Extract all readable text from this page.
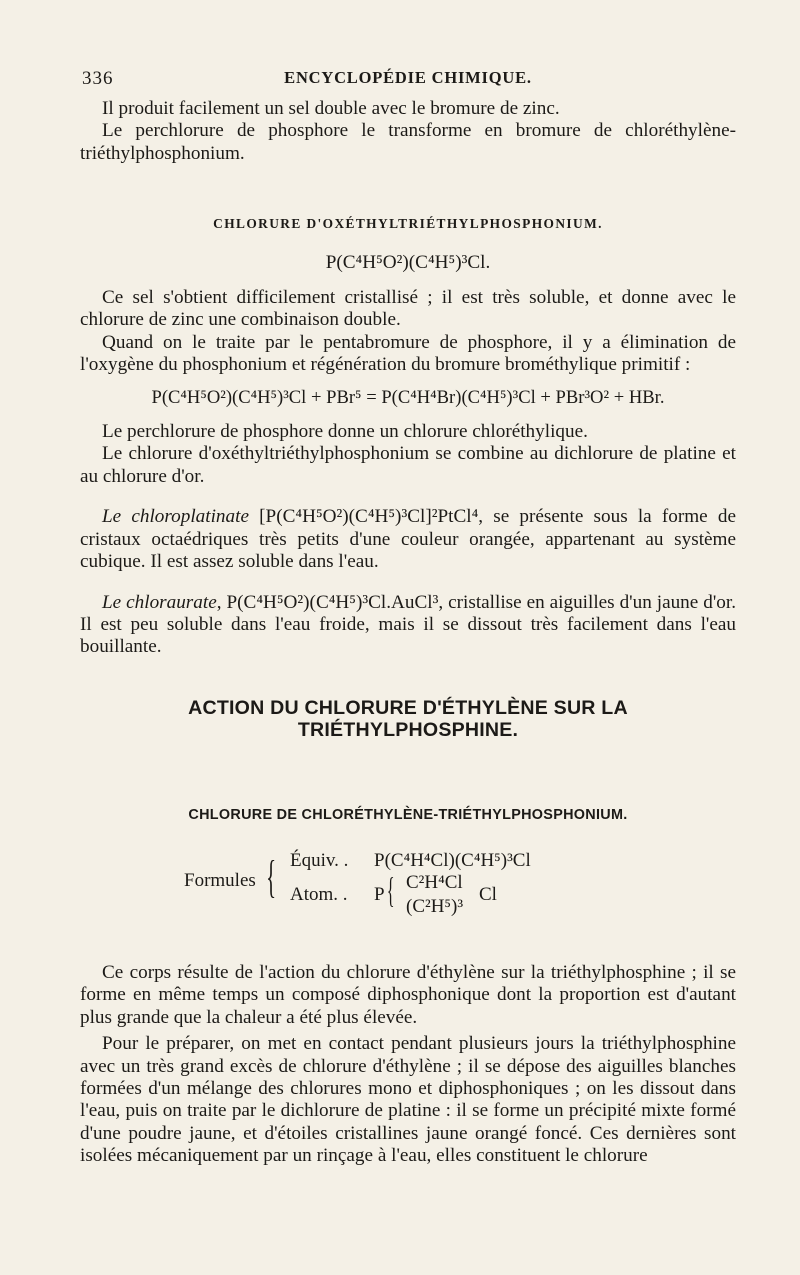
336	ENCYCLOPÉDIE CHIMIQUE.

Il produit facilement un sel double avec le bromure de zinc.

Le perchlorure de phosphore le transforme en bromure de chloréthylène-triéthylphosphonium.

CHLORURE D'OXÉTHYLTRIÉTHYLPHOSPHONIUM.

P(C⁴H⁵O²)(C⁴H⁵)³Cl.

Ce sel s'obtient difficilement cristallisé ; il est très soluble, et donne avec le chlorure de zinc une combinaison double.

Quand on le traite par le pentabromure de phosphore, il y a élimination de l'oxygène du phosphonium et régénération du bromure brométhylique primitif :

P(C⁴H⁵O²)(C⁴H⁵)³Cl + PBr⁵ = P(C⁴H⁴Br)(C⁴H⁵)³Cl + PBr³O² + HBr.

Le perchlorure de phosphore donne un chlorure chloréthylique.

Le chlorure d'oxéthyltriéthylphosphonium se combine au dichlorure de platine et au chlorure d'or.

Le chloroplatinate [P(C⁴H⁵O²)(C⁴H⁵)³Cl]²PtCl⁴, se présente sous la forme de cristaux octaédriques très petits d'une couleur orangée, appartenant au système cubique. Il est assez soluble dans l'eau.

Le chloraurate, P(C⁴H⁵O²)(C⁴H⁵)³Cl.AuCl³, cristallise en aiguilles d'un jaune d'or. Il est peu soluble dans l'eau froide, mais il se dissout très facilement dans l'eau bouillante.

ACTION DU CHLORURE D'ÉTHYLÈNE SUR LA TRIÉTHYLPHOSPHINE.

CHLORURE DE CHLORÉTHYLÈNE-TRIÉTHYLPHOSPHONIUM.

Formules { Équiv. . P(C⁴H⁴Cl)(C⁴H⁵)³Cl
Atom. . P { C²H⁴Cl
(C²H⁵)³
Cl

Ce corps résulte de l'action du chlorure d'éthylène sur la triéthylphosphine ; il se forme en même temps un composé diphosphonique dont la proportion est d'autant plus grande que la chaleur a été plus élevée.

Pour le préparer, on met en contact pendant plusieurs jours la triéthylphosphine avec un très grand excès de chlorure d'éthylène ; il se dépose des aiguilles blanches formées d'un mélange des chlorures mono et diphosphoniques ; on les dissout dans l'eau, puis on traite par le dichlorure de platine : il se forme un précipité mixte formé d'une poudre jaune, et d'étoiles cristallines jaune orangé foncé. Ces dernières sont isolées mécaniquement par un rinçage à l'eau, elles constituent le chlorure
